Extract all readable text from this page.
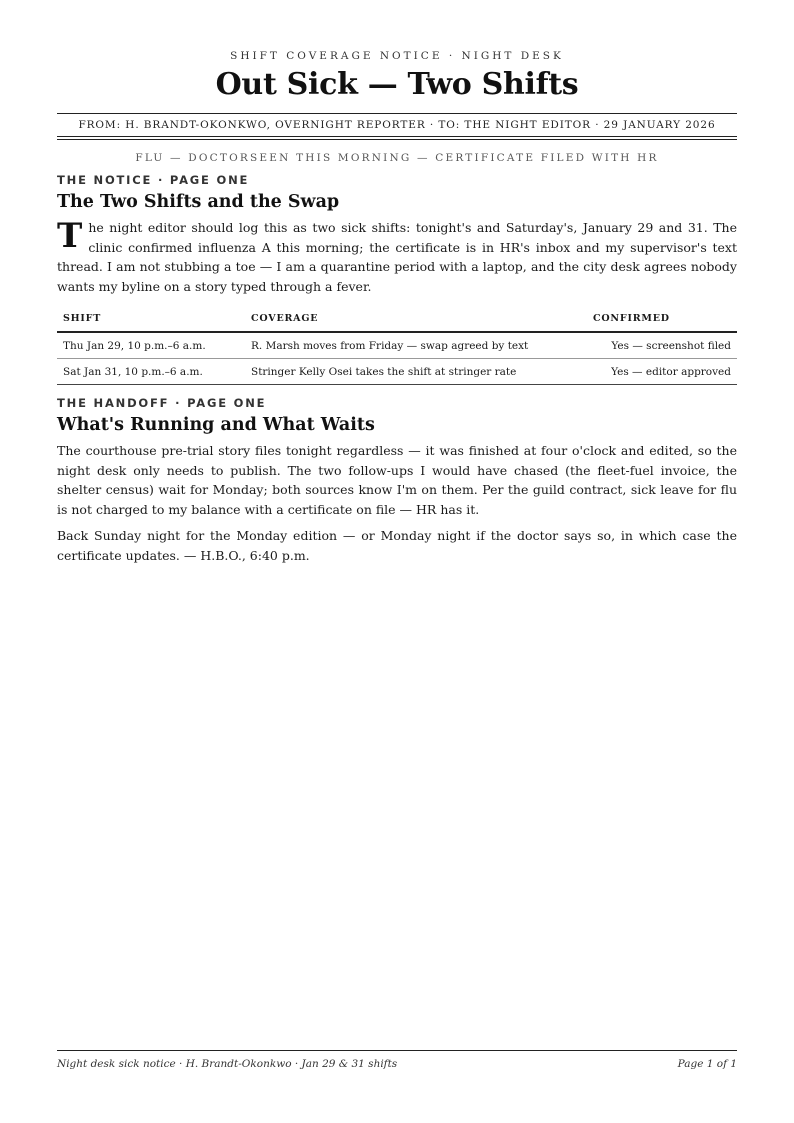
SHIFT COVERAGE NOTICE · NIGHT DESK
Out Sick — Two Shifts
FROM: H. BRANDT-OKONKWO, OVERNIGHT REPORTER · TO: THE NIGHT EDITOR · 29 JANUARY 2026
FLU — DOCTORSEEN THIS MORNING — CERTIFICATE FILED WITH HR
THE NOTICE · PAGE ONE
The Two Shifts and the Swap

The night editor should log this as two sick shifts: tonight's and Saturday's, January 29 and 31. The clinic confirmed influenza A this morning; the certificate is in HR's inbox and my supervisor's text thread. I am not stubbing a toe — I am a quarantine period with a laptop, and the city desk agrees nobody wants my byline on a story typed through a fever.

SHIFT	COVERAGE	CONFIRMED
Thu Jan 29, 10 p.m.–6 a.m.	R. Marsh moves from Friday — swap agreed by text	Yes — screenshot filed
Sat Jan 31, 10 p.m.–6 a.m.	Stringer Kelly Osei takes the shift at stringer rate	Yes — editor approved
THE HANDOFF · PAGE ONE
What's Running and What Waits

The courthouse pre-trial story files tonight regardless — it was finished at four o'clock and edited, so the night desk only needs to publish. The two follow-ups I would have chased (the fleet-fuel invoice, the shelter census) wait for Monday; both sources know I'm on them. Per the guild contract, sick leave for flu is not charged to my balance with a certificate on file — HR has it.

Back Sunday night for the Monday edition — or Monday night if the doctor says so, in which case the certificate updates. — H.B.O., 6:40 p.m.

Night desk sick notice · H. Brandt-Okonkwo · Jan 29 & 31 shifts	Page 1 of 1
